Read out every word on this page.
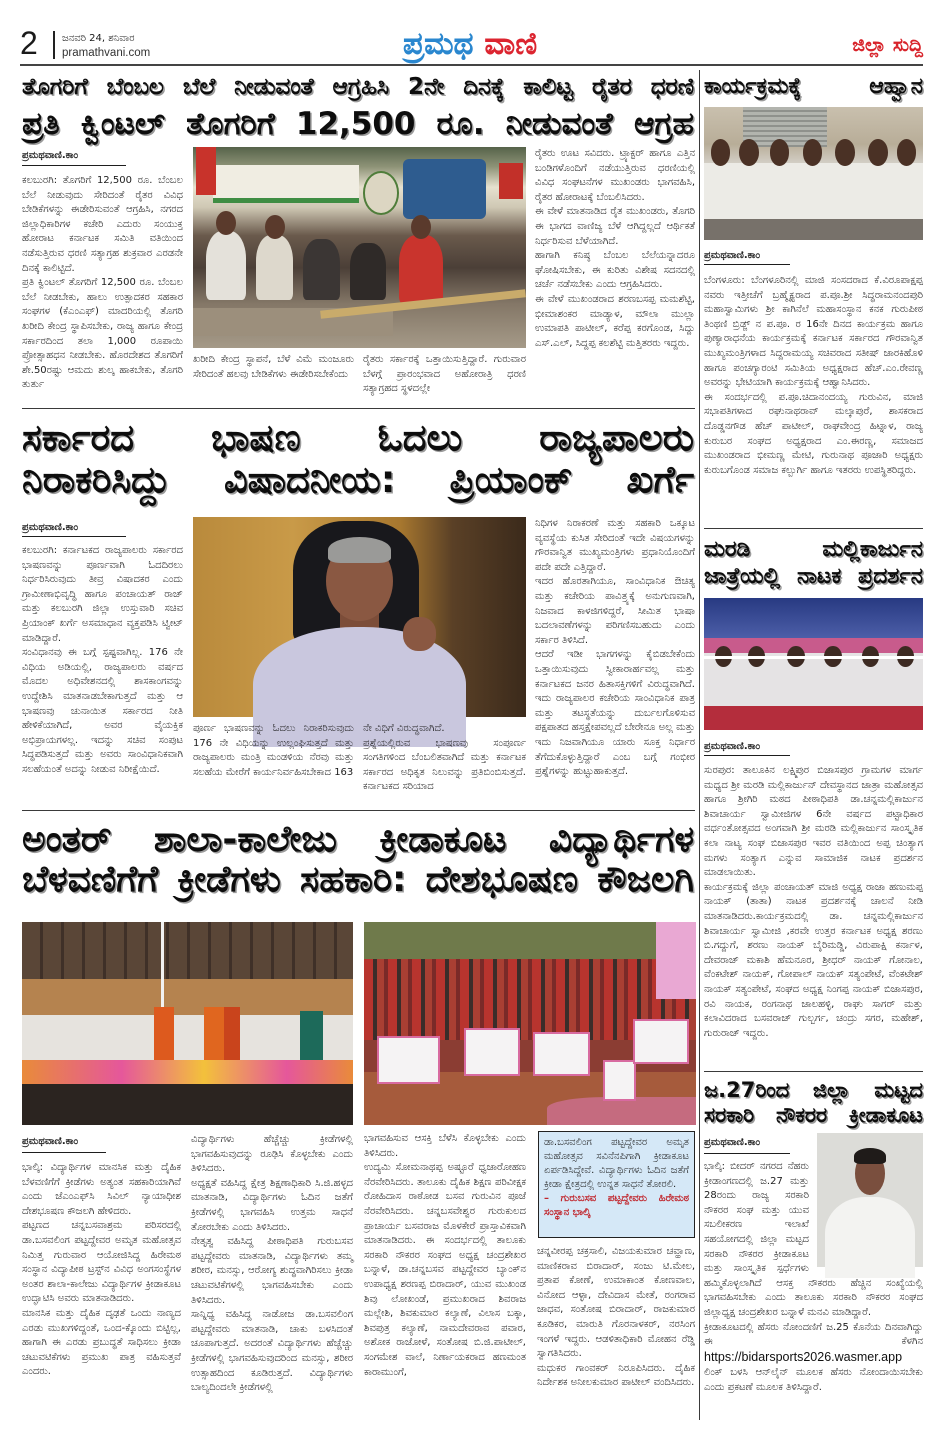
2 ಜನವರಿ 24, ಶನಿವಾರ
pramathvani.com	ಪ್ರಮಥ ವಾಣಿ	ಜಿಲ್ಲಾ ಸುದ್ದಿ
ತೊಗರಿಗೆ ಬೆಂಬಲ ಬೆಲೆ ನೀಡುವಂತೆ ಆಗ್ರಹಿಸಿ 2ನೇ ದಿನಕ್ಕೆ ಕಾಲಿಟ್ಟ ರೈತರ ಧರಣಿ
ಪ್ರತಿ ಕ್ವಿಂಟಲ್ ತೊಗರಿಗೆ 12,500 ರೂ. ನೀಡುವಂತೆ ಆಗ್ರಹ
ಪ್ರಮಥವಾಣಿ.ಕಾಂ

ಕಲಬುರಗಿ: ತೊಗರಿಗೆ 12,500 ರೂ. ಬೆಂಬಲ ಬೆಲೆ ನೀಡುವುದು ಸೇರಿದಂತೆ ರೈತರ ವಿವಿಧ ಬೇಡಿಕೆಗಳನ್ನು ಈಡೇರಿಸುವಂತೆ ಆಗ್ರಹಿಸಿ, ನಗರದ ಜಿಲ್ಲಾಧಿಕಾರಿಗಳ ಕಚೇರಿ ಎದುರು ಸಂಯುಕ್ತ ಹೋರಾಟ ಕರ್ನಾಟಕ ಸಮಿತಿ ವತಿಯಿಂದ ನಡೆಸುತ್ತಿರುವ ಧರಣಿ ಸತ್ಯಾಗ್ರಹ ಶುಕ್ರವಾರ ಎರಡನೇ ದಿನಕ್ಕೆ ಕಾಲಿಟ್ಟಿದೆ.

ಪ್ರತಿ ಕ್ವಿಂಟಲ್ ತೊಗರಿಗೆ 12,500 ರೂ. ಬೆಂಬಲ ಬೆಲೆ ನೀಡಬೇಕು, ಹಾಲು ಉತ್ಪಾದಕರ ಸಹಕಾರ ಸಂಘಗಳ (ಕೆಎಂಎಫ್) ಮಾದರಿಯಲ್ಲಿ ತೊಗರಿ ಖರೀದಿ ಕೇಂದ್ರ ಸ್ಥಾಪಿಸಬೇಕು, ರಾಜ್ಯ ಹಾಗೂ ಕೇಂದ್ರ ಸರ್ಕಾರದಿಂದ ತಲಾ 1,000 ರೂಪಾಯಿ ಪ್ರೋತ್ಸಾಹಧನ ನೀಡಬೇಕು. ಹೊರದೇಶದ ತೊಗರಿಗೆ ಶೇ.50ರಷ್ಟು ಆಮದು ಶುಲ್ಕ ಹಾಕಬೇಕು, ತೊಗರಿ ತುರ್ತು

ಖರೀದಿ ಕೇಂದ್ರ ಸ್ಥಾಪನೆ, ಬೆಳೆ ವಿಮೆ ಮಂಜೂರು ಸೇರಿದಂತೆ ಹಲವು ಬೇಡಿಕೆಗಳು ಈಡೇರಿಸಬೇಕೆಂದು

ರೈತರು ಸರ್ಕಾರಕ್ಕೆ ಒತ್ತಾಯಿಸುತ್ತಿದ್ದಾರೆ. ಗುರುವಾರ ಬೆಳಗ್ಗೆ ಪ್ರಾರಂಭವಾದ ಅಹೋರಾತ್ರಿ ಧರಣಿ ಸತ್ಯಾಗ್ರಹದ ಸ್ಥಳದಲ್ಲೇ

ರೈತರು ಊಟ ಸವಿದರು. ಟ್ರ್ಯಾಕ್ಟರ್ ಹಾಗೂ ಎತ್ತಿನ ಬಂಡಿಗಳೊಂದಿಗೆ ನಡೆಯುತ್ತಿರುವ ಧರಣಿಯಲ್ಲಿ ವಿವಿಧ ಸಂಘಟನೆಗಳ ಮುಖಂಡರು ಭಾಗವಹಿಸಿ, ರೈತರ ಹೋರಾಟಕ್ಕೆ ಬೆಂಬಲಿಸಿದರು.

ಈ ವೇಳೆ ಮಾತನಾಡಿದ ರೈತ ಮುಖಂಡರು, ತೊಗರಿ ಈ ಭಾಗದ ವಾಣಿಜ್ಯ ಬೆಳೆ ಆಗಿದ್ದಲ್ಲದೆ ಆರ್ಥಿಕತೆ ನಿರ್ಧರಿಸುವ ಬೆಳೆಯಾಗಿದೆ.

ಹಾಗಾಗಿ ಕನಿಷ್ಠ ಬೆಂಬಲ ಬೆಲೆಯನ್ನಾದರೂ ಘೋಷಿಸಬೇಕು, ಈ ಕುರಿತು ವಿಶೇಷ ಸದನದಲ್ಲಿ ಚರ್ಚೆ ನಡೆಸಬೇಕು ಎಂದು ಆಗ್ರಹಿಸಿದರು.

ಈ ವೇಳೆ ಮುಖಂಡರಾದ ಶರಣಬಸಪ್ಪ ಮಮಶೆಟ್ಟಿ, ಭೀಮಾಶಂಕರ ಮಾಡ್ಯಾಳ, ಮೌಲಾ ಮುಲ್ಲಾ ಉಮಾಪತಿ ಪಾಟೀಲ್, ಕರೆಪ್ಪ ಕರಗೊಂಡ, ಸಿದ್ದು ಎಸ್.ಎಲ್, ಸಿದ್ದಪ್ಪ ಕಲಶೆಟ್ಟಿ ಮತ್ತಿತರರು ಇದ್ದರು.

ಸರ್ಕಾರದ ಭಾಷಣ ಓದಲು ರಾಜ್ಯಪಾಲರು
ನಿರಾಕರಿಸಿದ್ದು ವಿಷಾದನೀಯ: ಪ್ರಿಯಾಂಕ್ ಖರ್ಗೆ
ಪ್ರಮಥವಾಣಿ.ಕಾಂ

ಕಲಬುರಗಿ: ಕರ್ನಾಟಕದ ರಾಜ್ಯಪಾಲರು ಸರ್ಕಾರದ ಭಾಷಣವನ್ನು ಪೂರ್ಣವಾಗಿ ಓದದಿರಲು ನಿರ್ಧರಿಸಿರುವುದು ತೀವ್ರ ವಿಷಾದಕರ ಎಂದು ಗ್ರಾಮೀಣಾಭಿವೃದ್ಧಿ ಹಾಗೂ ಪಂಚಾಯತ್ ರಾಜ್ ಮತ್ತು ಕಲಬುರಗಿ ಜಿಲ್ಲಾ ಉಸ್ತುವಾರಿ ಸಚಿವ ಪ್ರಿಯಾಂಕ್ ಖರ್ಗೆ ಅಸಮಾಧಾನ ವ್ಯಕ್ತಪಡಿಸಿ ಟ್ವೀಟ್ ಮಾಡಿದ್ದಾರೆ.

ಸಂವಿಧಾನವು ಈ ಬಗ್ಗೆ ಸ್ಪಷ್ಟವಾಗಿಲ್ಲ. 176 ನೇ ವಿಧಿಯ ಅಡಿಯಲ್ಲಿ, ರಾಜ್ಯಪಾಲರು ವರ್ಷದ ಮೊದಲ ಅಧಿವೇಶನದಲ್ಲಿ ಶಾಸಕಾಂಗವನ್ನು ಉದ್ದೇಶಿಸಿ ಮಾತನಾಡಬೇಕಾಗುತ್ತದೆ ಮತ್ತು ಆ ಭಾಷಣವು ಚುನಾಯಿತ ಸರ್ಕಾರದ ನೀತಿ ಹೇಳಿಕೆಯಾಗಿದೆ, ಅವರ ವೈಯಕ್ತಿಕ ಅಭಿಪ್ರಾಯಗಳಲ್ಲ. ಇದನ್ನು ಸಚಿವ ಸಂಪುಟ ಸಿದ್ಧಪಡಿಸುತ್ತದೆ ಮತ್ತು ಅವರು ಸಾಂವಿಧಾನಿಕವಾಗಿ ಸಲಹೆಯಂತೆ ಅದನ್ನು ನೀಡುವ ನಿರೀಕ್ಷೆಯಿದೆ.

ಪೂರ್ಣ ಭಾಷಣವನ್ನು ಓದಲು ನಿರಾಕರಿಸುವುದು 176 ನೇ ವಿಧಿಯನ್ನು ಉಲ್ಲಂಘಿಸುತ್ತದೆ ಮತ್ತು ರಾಜ್ಯಪಾಲರು ಮಂತ್ರಿ ಮಂಡಳಿಯ ನೆರವು ಮತ್ತು ಸಲಹೆಯ ಮೇರೆಗೆ ಕಾರ್ಯನಿರ್ವಹಿಸಬೇಕಾದ 163

ನೇ ವಿಧಿಗೆ ವಿರುದ್ಧವಾಗಿದೆ.

ಪ್ರಶ್ನೆಯಲ್ಲಿರುವ ಭಾಷಣವು ಸಂಪೂರ್ಣ ಸಂಗತಿಗಳಿಂದ ಬೆಂಬಲಿತವಾಗಿದೆ ಮತ್ತು ಕರ್ನಾಟಕ ಸರ್ಕಾರದ ಅಧಿಕೃತ ನಿಲುವನ್ನು ಪ್ರತಿಬಿಂಬಿಸುತ್ತದೆ. ಕರ್ನಾಟಕದ ಸರಿಯಾದ

ನಿಧಿಗಳ ನಿರಾಕರಣೆ ಮತ್ತು ಸಹಕಾರಿ ಒಕ್ಕೂಟ ವ್ಯವಸ್ಥೆಯ ಕುಸಿತ ಸೇರಿದಂತೆ ಇದೇ ವಿಷಯಗಳನ್ನು ಗೌರವಾನ್ವಿತ ಮುಖ್ಯಮಂತ್ರಿಗಳು ಪ್ರಧಾನಿಯೊಂದಿಗೆ ಪದೇ ಪದೇ ಎತ್ತಿದ್ದಾರೆ.

ಇದರ ಹೊರತಾಗಿಯೂ, ಸಾಂವಿಧಾನಿಕ ಔಚಿತ್ಯ ಮತ್ತು ಕಚೇರಿಯ ಪಾವಿತ್ರ್ಯಕ್ಕೆ ಅನುಗುಣವಾಗಿ, ನಿಜವಾದ ಕಾಳಜಿಗಳಿದ್ದರೆ, ಸೀಮಿತ ಭಾಷಾ ಬದಲಾವಣೆಗಳನ್ನು ಪರಿಗಣಿಸಬಹುದು ಎಂದು ಸರ್ಕಾರ ತಿಳಿಸಿದೆ.

ಆದರೆ ಇಡೀ ಭಾಗಗಳನ್ನು ಕೈಬಿಡಬೇಕೆಂದು ಒತ್ತಾಯಿಸುವುದು ಸ್ವೀಕಾರಾರ್ಹವಲ್ಲ ಮತ್ತು ಕರ್ನಾಟಕದ ಜನರ ಹಿತಾಸಕ್ತಿಗಳಿಗೆ ವಿರುದ್ಧವಾಗಿದೆ. ಇದು ರಾಜ್ಯಪಾಲರ ಕಚೇರಿಯ ಸಾಂವಿಧಾನಿಕ ಪಾತ್ರ ಮತ್ತು ತಟಸ್ಥತೆಯನ್ನು ದುರ್ಬಲಗೊಳಿಸುವ ಪಕ್ಷಪಾತದ ಹಸ್ತಕ್ಷೇಪವಲ್ಲದೆ ಬೇರೇನೂ ಅಲ್ಲ ಮತ್ತು ಇದು ನಿಜವಾಗಿಯೂ ಯಾರು ಸೂಕ್ತ ನಿರ್ಧಾರ ತೆಗೆದುಕೊಳ್ಳುತ್ತಿದ್ದಾರೆ ಎಂಬ ಬಗ್ಗೆ ಗಂಭೀರ ಪ್ರಶ್ನೆಗಳನ್ನು ಹುಟ್ಟುಹಾಕುತ್ತದೆ.

ಅಂತರ್ ಶಾಲಾ-ಕಾಲೇಜು ಕ್ರೀಡಾಕೂಟ ವಿದ್ಯಾರ್ಥಿಗಳ
ಬೆಳವಣಿಗೆಗೆ ಕ್ರೀಡೆಗಳು ಸಹಕಾರಿ: ದೇಶಭೂಷಣ ಕೌಜಲಗಿ
ಪ್ರಮಥವಾಣಿ.ಕಾಂ

ಭಾಲ್ಕಿ: ವಿದ್ಯಾರ್ಥಿಗಳ ಮಾನಸಿಕ ಮತ್ತು ದೈಹಿಕ ಬೆಳವಣಿಗೆಗೆ ಕ್ರೀಡೆಗಳು ಅತ್ಯಂತ ಸಹಕಾರಿಯಾಗಿವೆ ಎಂದು ಜೆಎಂಎಫ್‌ಸಿ ಸಿವಿಲ್ ನ್ಯಾಯಾಧೀಶ ದೇಶಭೂಷಣ ಕೌಜಲಗಿ ಹೇಳಿದರು.

ಪಟ್ಟಣದ ಚನ್ನಬಸವಾಶ್ರಮ ಪರಿಸರದಲ್ಲಿ ಡಾ.ಬಸವಲಿಂಗ ಪಟ್ಟದ್ದೇವರ ಅಮೃತ ಮಹೋತ್ಸವ ನಿಮಿತ್ತ ಗುರುವಾರ ಆಯೋಜಿಸಿದ್ದ ಹಿರೇಮಠ ಸಂಸ್ಥಾನ ವಿದ್ಯಾಪೀಠ ಟ್ರಸ್ಟ್‌ನ ವಿವಿಧ ಅಂಗಸಂಸ್ಥೆಗಳ ಅಂತರ ಶಾಲಾ-ಕಾಲೇಜು ವಿದ್ಯಾರ್ಥಿಗಳ ಕ್ರೀಡಾಕೂಟ ಉದ್ಘಾಟಿಸಿ ಅವರು ಮಾತನಾಡಿದರು.

ಮಾನಸಿಕ ಮತ್ತು ದೈಹಿಕ ದೃಢತೆ ಒಂದು ನಾಣ್ಯದ ಎರಡು ಮುಖಗಳಿದ್ದಂತೆ, ಒಂದ-ಕ್ಕೊಂದು ಬಿಟ್ಟಿಲ್ಲ, ಹಾಗಾಗಿ ಈ ಎರಡು ಪ್ರಬುದ್ಧತೆ ಸಾಧಿಸಲು ಕ್ರೀಡಾ ಚಟುವಟಿಕೆಗಳು ಪ್ರಮುಖ ಪಾತ್ರ ವಹಿಸುತ್ತವೆ ಎಂದರು.

ವಿದ್ಯಾರ್ಥಿಗಳು ಹೆಚ್ಚೆಚ್ಚು ಕ್ರೀಡೆಗಳಲ್ಲಿ ಭಾಗವಹಿಸುವುದನ್ನು ರೂಢಿಸಿ ಕೊಳ್ಳಬೇಕು ಎಂದು ತಿಳಿಸಿದರು.

ಅಧ್ಯಕ್ಷತೆ ವಹಿಸಿದ್ದ ಕ್ಷೇತ್ರ ಶಿಕ್ಷಣಾಧಿಕಾರಿ ಸಿ.ಜಿ.ಹಳ್ಳದ ಮಾತನಾಡಿ, ವಿದ್ಯಾರ್ಥಿಗಳು ಓದಿನ ಜತೆಗೆ ಕ್ರೀಡೆಗಳಲ್ಲಿ ಭಾಗವಹಿಸಿ ಉತ್ತಮ ಸಾಧನೆ ತೋರಬೇಕು ಎಂದು ತಿಳಿಸಿದರು.

ನೇತೃತ್ವ ವಹಿಸಿದ್ದ ಪೀಠಾಧಿಪತಿ ಗುರುಬಸವ ಪಟ್ಟದ್ದೇವರು ಮಾತನಾಡಿ, ವಿದ್ಯಾರ್ಥಿಗಳು ತಮ್ಮ ಶರೀರ, ಮನಸ್ಸು, ಆರೋಗ್ಯ ಶುದ್ಧವಾಗಿರಿಸಲು ಕ್ರೀಡಾ ಚಟುವಟಿಕೆಗಳಲ್ಲಿ ಭಾಗವಹಿಸಬೇಕು ಎಂದು ತಿಳಿಸಿದರು.

ಸಾನ್ನಿಧ್ಯ ವಹಿಸಿದ್ದ ನಾಡೋಜ ಡಾ.ಬಸವಲಿಂಗ ಪಟ್ಟದ್ದೇವರು ಮಾತನಾಡಿ, ಚಾಕು ಬಳಸಿದಂತೆ ಚೂಪಾಗುತ್ತದೆ. ಅದರಂತೆ ವಿದ್ಯಾರ್ಥಿಗಳು ಹೆಚ್ಚೆಚ್ಚು ಕ್ರೀಡೆಗಳಲ್ಲಿ ಭಾಗವಹಿಸುವುದರಿಂದ ಮನಸ್ಸು, ಶರೀರ ಉತ್ಸಾಹದಿಂದ ಕೂಡಿರುತ್ತದೆ. ವಿದ್ಯಾರ್ಥಿಗಳು ಬಾಲ್ಯದಿಂದಲೇ ಕ್ರೀಡೆಗಳಲ್ಲಿ

ಭಾಗವಹಿಸುವ ಆಸಕ್ತಿ ಬೆಳೆಸಿ ಕೊಳ್ಳಬೇಕು ಎಂದು ತಿಳಿಸಿದರು.

ಉದ್ಯಮಿ ಸೋಮನಾಥಪ್ಪ ಅಷ್ಟೂರೆ ಧ್ವಜಾರೋಹಣ ನೆರವೇರಿಸಿದರು. ತಾಲೂಕು ದೈಹಿಕ ಶಿಕ್ಷಣ ಪರಿವೀಕ್ಷಕ ರೋಹಿದಾಸ ರಾಠೋಡ ಬಸವ ಗುರುವಿನ ಪೂಜೆ ನೆರವೇರಿಸಿದರು. ಚನ್ನಬಸವೇಶ್ವರ ಗುರುಕುಲದ ಪ್ರಾಚಾರ್ಯ ಬಸವರಾಜ ಮೊಳಕೇರೆ ಪ್ರಾಸ್ತಾವಿಕವಾಗಿ ಮಾತನಾಡಿದರು. ಈ ಸಂದರ್ಭದಲ್ಲಿ ತಾಲೂಕು ಸರಕಾರಿ ನೌಕರರ ಸಂಘದ ಅಧ್ಯಕ್ಷ ಚಂದ್ರಶೇಖರ ಬನ್ನಾಳೆ, ಡಾ.ಚನ್ನಬಸವ ಪಟ್ಟದ್ದೇವರ ಬ್ಯಾಂಕ್‌ನ ಉಪಾಧ್ಯಕ್ಷ ಶರಣಪ್ಪ ಬಿರಾದಾರ್, ಯುವ ಮುಖಂಡ ಶಿವು ಲೋಖಂಡೆ, ಪ್ರಮುಖರಾದ ಶಿವರಾಜ ಮಲ್ಲೇಶಿ, ಶಿವಕುಮಾರ ಕಲ್ಯಾಣೆ, ವಿಲಾಸ ಬಕ್ಕಾ, ಶಿವಪುತ್ರ ಕಲ್ಯಾಣೆ, ನಾಮದೇವರಾವ ಪವಾರ, ಅಶೋಕ ರಾಜೋಳೆ, ಸಂತೋಷ ಬಿ.ಜಿ.ಪಾಟೀಲ್, ಸಂಗಮೇಶ ವಾಲೆ, ನಿರ್ಣಾಯಕರಾದ ಹಣಮಂತ ಕಾರಾಮುಂಗೆ,

ಡಾ.ಬಸವಲಿಂಗ ಪಟ್ಟದ್ದೇವರ ಅಮೃತ ಮಹೋತ್ಸವ ಸವಿನೆನಪಿಗಾಗಿ ಕ್ರೀಡಾಕೂಟ ಏರ್ಪಡಿಸಿದ್ದೇವೆ. ವಿದ್ಯಾರ್ಥಿಗಳು ಓದಿನ ಜತೆಗೆ ಕ್ರೀಡಾ ಕ್ಷೇತ್ರದಲ್ಲಿ ಉನ್ನತ ಸಾಧನೆ ತೋರಲಿ.
– ಗುರುಬಸವ ಪಟ್ಟದ್ದೇವರು ಹಿರೇಮಠ ಸಂಸ್ಥಾನ ಭಾಲ್ಕಿ

ಚನ್ನವೀರಪ್ಪ ಚಕ್ರಸಾಲಿ, ವಿಜಯಕುಮಾರ ಚವ್ಹಾಣ, ಮಾಣಿಕರಾವ ಬಿರಾದಾರ್, ಸಂಜು ಟಿ.ಮೇಲ, ಪ್ರತಾಪ ಕೋಣೆ, ಉಮಾಕಾಂತ ಕೋಣವಾಲ, ವಿನೋದ ಆಳ್ಳಾ, ದೇವಿದಾಸ ಮೇತೆ, ರಂಗರಾವ ಜಾಧವ, ಸಂತೋಷ ಬಿರಾದಾರ್, ರಾಜಕುಮಾರ ಕೂಡಿಕರ, ಮಾರುತಿ ಗೊರನಾಳಕರ್, ನರಸಿಂಗ ಇಂಗಳೆ ಇದ್ದರು. ಆಡಳಿತಾಧಿಕಾರಿ ಮೋಹನ ರೆಡ್ಡಿ ಸ್ವಾಗತಿಸಿದರು.

ಮಧುಕರ ಗಾಂವಕರ್ ನಿರೂಪಿಸಿದರು. ದೈಹಿಕ ನಿರ್ದೇಶಕ ಅನೀಲಕುಮಾರ ಪಾಟೀಲ್ ವಂದಿಸಿದರು.

ಕಾರ್ಯಕ್ರಮಕ್ಕೆ ಆಹ್ವಾನ
ಪ್ರಮಥವಾಣಿ.ಕಾಂ

ಬೆಂಗಳೂರು: ಬೆಂಗಳೂರಿನಲ್ಲಿ ಮಾಜಿ ಸಂಸದರಾದ ಕೆ.ವಿರೂಪಾಕ್ಷಪ್ಪ ನವರು ಇತ್ತೀಚೆಗೆ ಬ್ರಹ್ಮೈಕ್ಯರಾದ ಪ.ಪೂ.ಶ್ರೀ ಸಿದ್ಧರಾಮನಂದಪುರಿ ಮಹಾಸ್ವಾಮಿಗಳು ಶ್ರೀ ಕಾಗಿನೆಲೆ ಮಹಾಸಂಸ್ಥಾನ ಕನಕ ಗುರುಪೀಠ ತಿಂಥಣಿ ಬ್ರಿಡ್ಜ್ ನ ಪ.ಪೂ. ರ 16ನೇ ದಿನದ ಕಾರ್ಯಕ್ರಮ ಹಾಗೂ ಪುಣ್ಯಾರಾಧನೆಯ ಕಾರ್ಯಕ್ರಮಕ್ಕೆ ಕರ್ನಾಟಕ ಸರ್ಕಾರದ ಗೌರವಾನ್ವಿತ ಮುಖ್ಯಮಂತ್ರಿಗಳಾದ ಸಿದ್ದರಾಮಯ್ಯ ಸಚಿವರಾದ ಸತೀಷ್ ಜಾರಕಿಹೊಳಿ ಹಾಗೂ ಪಂಚಗ್ಯಾರಂಟಿ ಸಮಿತಿಯ ಅಧ್ಯಕ್ಷರಾದ ಹೆಚ್.ಎಂ.ರೇವಣ್ಣ ಅವರನ್ನು ಭೇಟಿಯಾಗಿ ಕಾರ್ಯಕ್ರಮಕ್ಕೆ ಆಹ್ವಾನಿಸಿದರು.

ಈ ಸಂದರ್ಭದಲ್ಲಿ ಪ.ಪೂ.ಚಿದಾನಂದಯ್ಯ ಗುರುವಿನ, ಮಾಜಿ ಸಭಾಪತಿಗಳಾದ ರಘುನಾಥರಾವ್ ಮಲ್ಕಾಪುರೆ, ಶಾಸಕರಾದ ದೊಡ್ಡನಗೌಡ ಹೆಚ್ ಪಾಟೀಲ್, ರಾಘವೇಂದ್ರ ಹಿಟ್ನಾಳ, ರಾಜ್ಯ ಕುರುಬರ ಸಂಘದ ಅಧ್ಯಕ್ಷರಾದ ಎಂ.ಈರಣ್ಣ, ಸಮಾಜದ ಮುಖಂಡರಾದ ಭೀಮಣ್ಣ ಮೇಟಿ, ಗುರುನಾಥ ಪೂಜಾರಿ ಅಧ್ಯಕ್ಷರು ಕುರುಬಗೊಂಡ ಸಮಾಜ ಕಲ್ಬುರ್ಗಿ ಹಾಗೂ ಇತರರು ಉಪಸ್ಥಿತರಿದ್ದರು.

ಮರಡಿ ಮಲ್ಲಿಕಾರ್ಜುನ
ಜಾತ್ರೆಯಲ್ಲಿ ನಾಟಕ ಪ್ರದರ್ಶನ
ಪ್ರಮಥವಾಣಿ.ಕಾಂ

ಸುರಪುರ: ತಾಲೂಕಿನ ಲಕ್ಷ್ಮಿಪುರ ಬಿಜಾಸಪುರ ಗ್ರಾಮಗಳ ಮಾರ್ಗ ಮಧ್ಯದ ಶ್ರೀ ಮರಡಿ ಮಲ್ಲಿಕಾರ್ಜುನ್ ದೇವಸ್ಥಾನದ ಜಾತ್ರಾ ಮಹೋತ್ಸವ ಹಾಗೂ ಶ್ರೀಗಿರಿ ಮಠದ ಪೀಠಾಧಿಪತಿ ಡಾ.ಚನ್ನಮಲ್ಲಿಕಾರ್ಜುನ ಶಿವಾಚಾರ್ಯ ಸ್ವಾಮೀಜಿಗಳ 6ನೇ ವರ್ಷದ ಪಟ್ಟಾಧಿಕಾರ ವರ್ಧಂತೋತ್ಸವದ ಅಂಗವಾಗಿ ಶ್ರೀ ಮರಡಿ ಮಲ್ಲಿಕಾರ್ಜುನ ಸಾಂಸ್ಕೃತಿಕ ಕಲಾ ನಾಟ್ಯ ಸಂಘ ಬಿಜಾಸಪುರ ಇವರ ವತಿಯಿಂದ ಅಪ್ಪ ಚಿಂತ್ಯಾಗ ಮಗಳು ಸಂತ್ಯಾಗ ಎನ್ನುವ ಸಾಮಾಜಿಕ ನಾಟಕ ಪ್ರದರ್ಶನ ಮಾಡಲಾಯಿತು.

ಕಾರ್ಯಕ್ರಮಕ್ಕೆ ಜಿಲ್ಲಾ ಪಂಚಾಯತ್ ಮಾಜಿ ಅಧ್ಯಕ್ಷ ರಾಜಾ ಹಣುಮಪ್ಪ ನಾಯಕ್ (ತಾತಾ) ನಾಟಕ ಪ್ರದರ್ಶನಕ್ಕೆ ಚಾಲನೆ ನೀಡಿ ಮಾತನಾಡಿದರು.ಕಾರ್ಯಕ್ರಮದಲ್ಲಿ ಡಾ. ಚನ್ನಮಲ್ಲಿಕಾರ್ಜುನ ಶಿವಾಚಾರ್ಯ ಸ್ವಾಮೀಜಿ ,ಕರವೇ ಉತ್ತರ ಕರ್ನಾಟಕ ಅಧ್ಯಕ್ಷ ಶರಣು ಬಿ.ಗದ್ದುಗೆ, ಶರಣು ನಾಯಕ್ ಬೈರಿಮಡ್ಡಿ, ವಿರುಪಾಕ್ಷಿ ಕರ್ನಾಳ, ದೇವರಾಜ್ ಮಕಾಶಿ ಹೆಮನೂರ, ಶ್ರೀಧರ್ ನಾಯಕ್ ಗೋನಾಲ, ವೆಂಕಟೇಶ್ ನಾಯಕ್, ಗೋಪಾಲ್ ನಾಯಕ್ ಸತ್ಯಂಪೇಟೆ, ವೆಂಕಟೇಶ್ ನಾಯಕ್ ಸತ್ಯಂಪೇಟೆ, ಸಂಘದ ಅಧ್ಯಕ್ಷ ನಿಂಗಪ್ಪ ನಾಯಕ್ ಬಿಜಾಸಪುರ, ರವಿ ನಾಯಕ, ರಂಗನಾಥ ಜಾಲಹಳ್ಳಿ, ರಾಘು ಸಾಗರ್ ಮತ್ತು ಕಲಾವಿದರಾದ ಬಸವರಾಜ್ ಗುಲ್ಬರ್ಗ, ಚಂದ್ರು ಸಗರ, ಮಹೇಶ್, ಗುರುರಾಜ್ ಇದ್ದರು.

ಜ.27ರಿಂದ ಜಿಲ್ಲಾ ಮಟ್ಟದ
ಸರಕಾರಿ ನೌಕರರ ಕ್ರೀಡಾಕೂಟ
ಪ್ರಮಥವಾಣಿ.ಕಾಂ

ಭಾಲ್ಕಿ: ಬೀದರ್ ನಗರದ ನೆಹರು ಕ್ರೀಡಾಂಗಣದಲ್ಲಿ ಜ.27 ಮತ್ತು 28ರಂದು ರಾಜ್ಯ ಸರಕಾರಿ ನೌಕರರ ಸಂಘ ಮತ್ತು ಯುವ ಸಬಲೀಕರಣ ಇಲಾಖೆ ಸಹಯೋಗದಲ್ಲಿ ಜಿಲ್ಲಾ ಮಟ್ಟದ ಸರಕಾರಿ ನೌಕರರ ಕ್ರೀಡಾಕೂಟ ಮತ್ತು ಸಾಂಸ್ಕೃತಿಕ ಸ್ಪರ್ಧೆಗಳು ಹಮ್ಮಿಕೊಳ್ಳಲಾಗಿದೆ ಆಸಕ್ತ ನೌಕರರು ಹೆಚ್ಚಿನ ಸಂಖ್ಯೆಯಲ್ಲಿ ಭಾಗವಹಿಸಬೇಕು ಎಂದು ತಾಲೂಕು ಸರಕಾರಿ ನೌಕರರ ಸಂಘದ ಜಿಲ್ಲಾಧ್ಯಕ್ಷ ಚಂದ್ರಶೇಖರ ಬನ್ನಾಳೆ ಮನವಿ ಮಾಡಿದ್ದಾರೆ.

ಕ್ರೀಡಾಕೂಟದಲ್ಲಿ ಹೆಸರು ನೋಂದಣಿಗೆ ಜ.25 ಕೊನೆಯ ದಿನವಾಗಿದ್ದು ಈ ಕೆಳಗಿನ https://bidarsports2026.wasmer.app ಲಿಂಕ್ ಬಳಸಿ ಆನ್‌ಲೈನ್ ಮೂಲಕ ಹೆಸರು ನೋಂದಾಯಿಸಬೇಕು ಎಂದು ಪ್ರಕಟಣೆ ಮೂಲಕ ತಿಳಿಸಿದ್ದಾರೆ.
